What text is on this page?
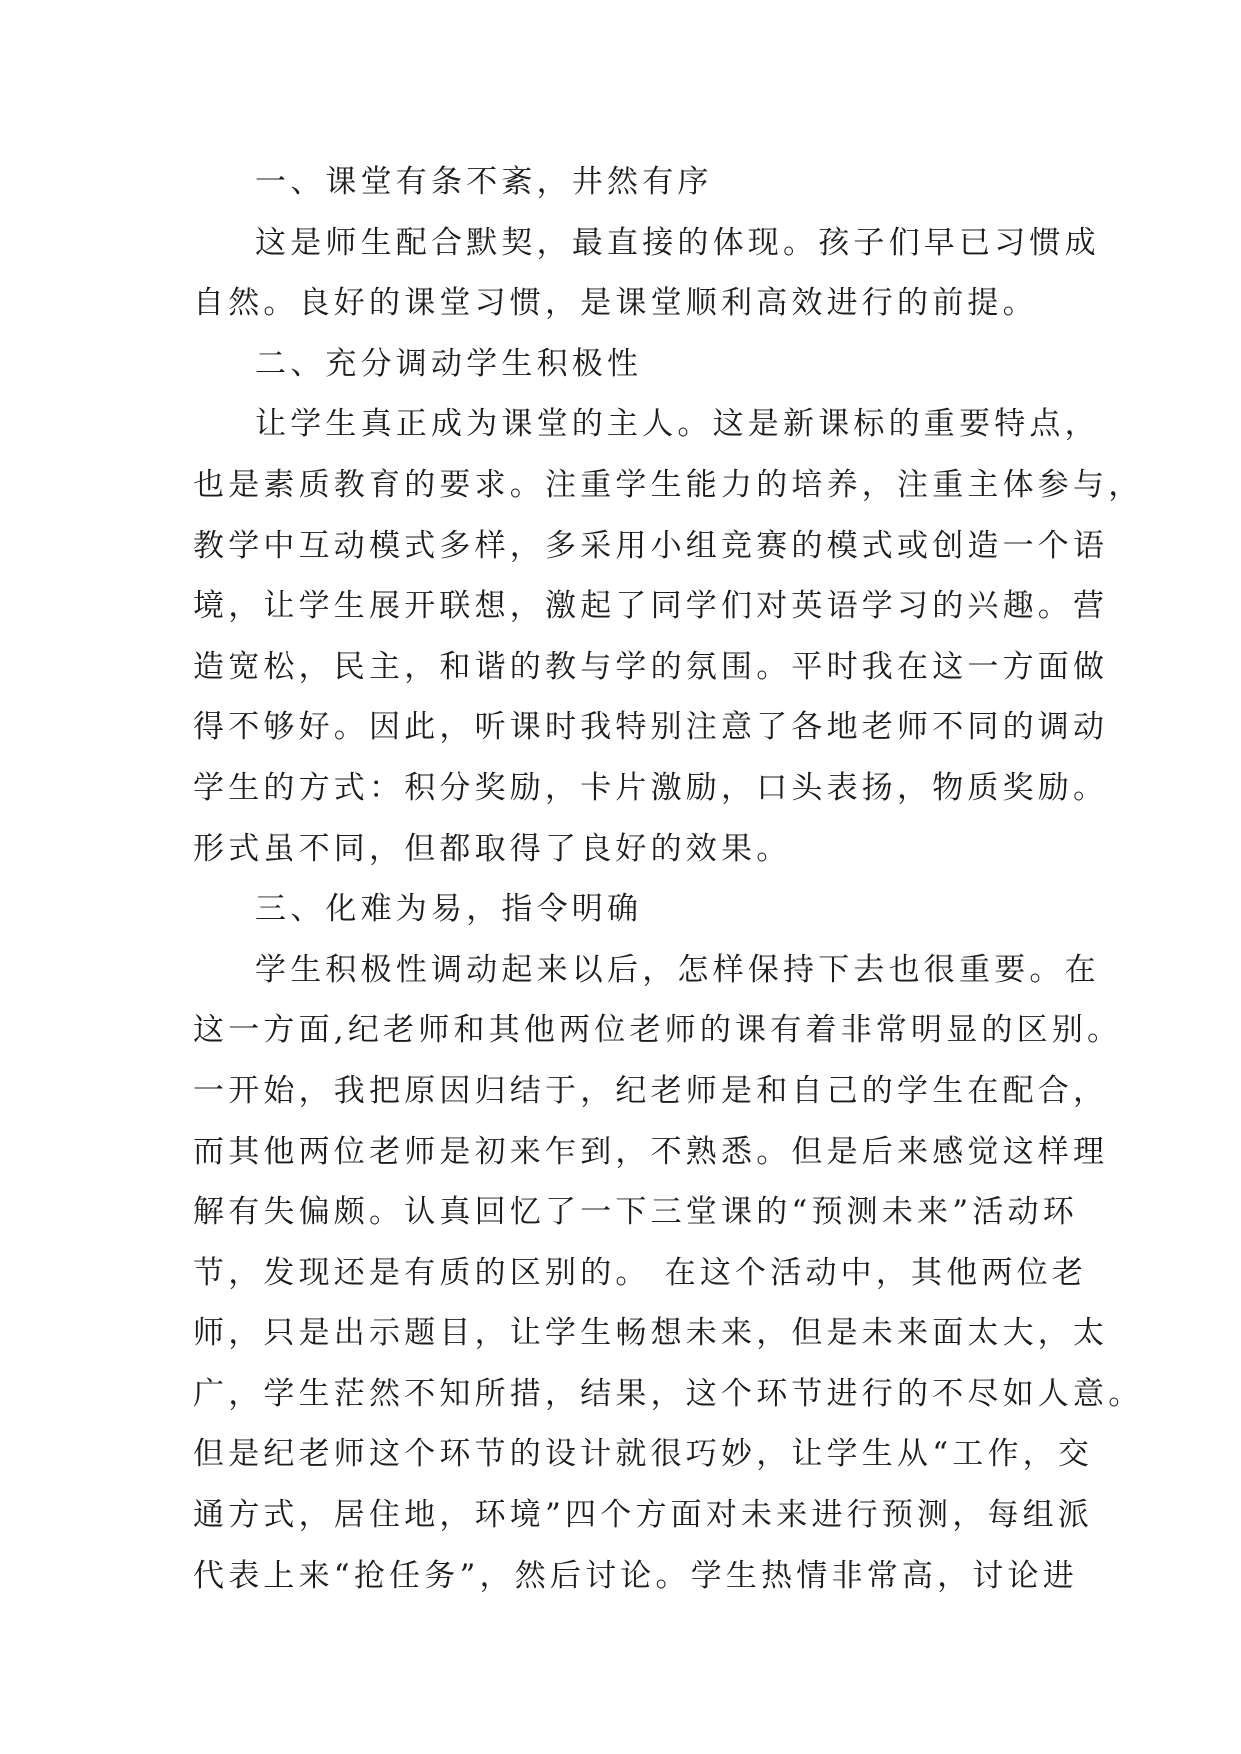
一、课堂有条不紊，井然有序
这是师生配合默契，最直接的体现。孩子们早已习惯成
自然。良好的课堂习惯，是课堂顺利高效进行的前提。
二、充分调动学生积极性
让学生真正成为课堂的主人。这是新课标的重要特点，
也是素质教育的要求。注重学生能力的培养，注重主体参与，
教学中互动模式多样，多采用小组竞赛的模式或创造一个语
境，让学生展开联想，激起了同学们对英语学习的兴趣。营
造宽松，民主，和谐的教与学的氛围。平时我在这一方面做
得不够好。因此，听课时我特别注意了各地老师不同的调动
学生的方式：积分奖励，卡片激励，口头表扬，物质奖励。
形式虽不同，但都取得了良好的效果。
三、化难为易，指令明确
学生积极性调动起来以后，怎样保持下去也很重要。在
这一方面,纪老师和其他两位老师的课有着非常明显的区别。
一开始，我把原因归结于，纪老师是和自己的学生在配合，
而其他两位老师是初来乍到，不熟悉。但是后来感觉这样理
解有失偏颇。认真回忆了一下三堂课的“预测未来”活动环
节，发现还是有质的区别的。 在这个活动中，其他两位老
师，只是出示题目，让学生畅想未来，但是未来面太大，太
广，学生茫然不知所措，结果，这个环节进行的不尽如人意。
但是纪老师这个环节的设计就很巧妙，让学生从“工作，交
通方式，居住地，环境”四个方面对未来进行预测，每组派
代表上来“抢任务”，然后讨论。学生热情非常高，讨论进
